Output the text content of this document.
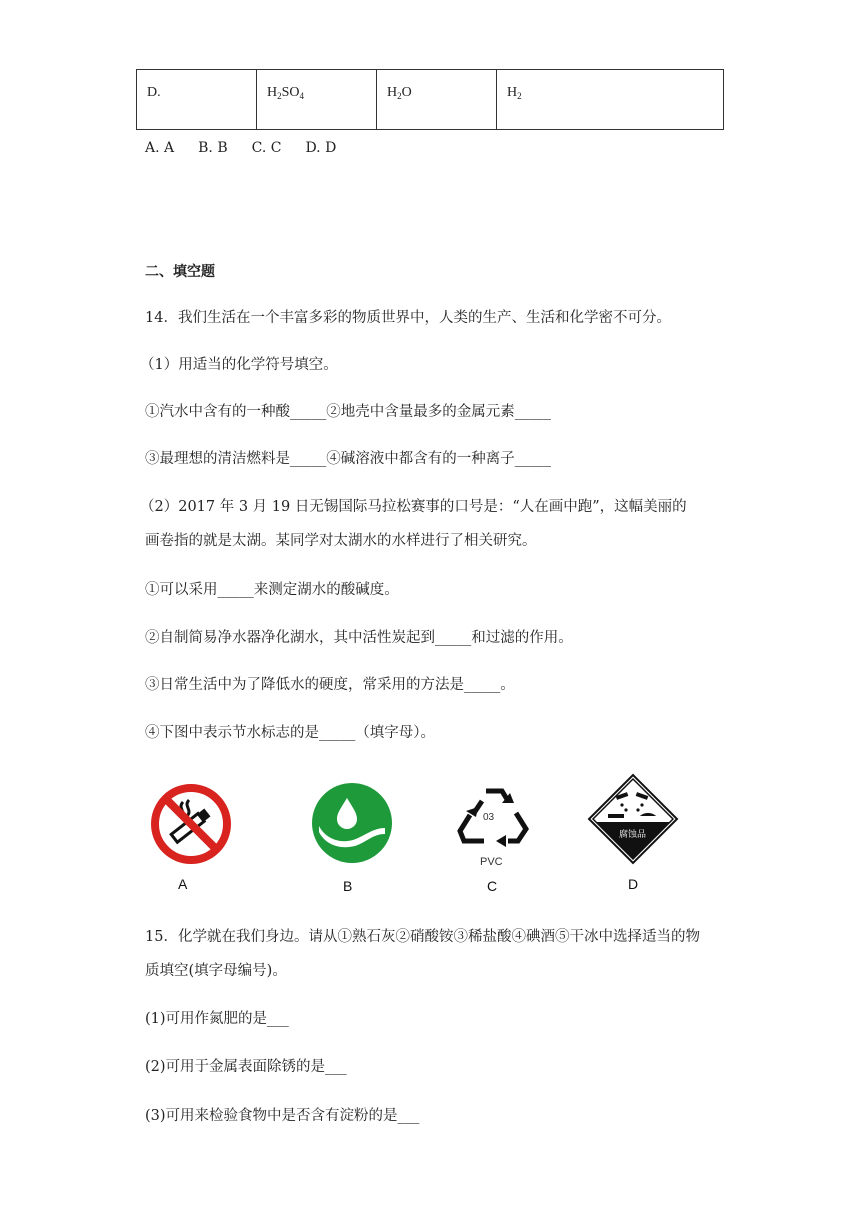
D.	$H_2SO_4$	$H_2O$	$H_2$
A. A B. B C. C D. D
二、填空题
14．我们生活在一个丰富多彩的物质世界中，人类的生产、生活和化学密不可分。
（1）用适当的化学符号填空。
①汽水中含有的一种酸_____②地壳中含量最多的金属元素_____
③最理想的清洁燃料是_____④碱溶液中都含有的一种离子_____
（2）2017 年 3 月 19 日无锡国际马拉松赛事的口号是：“人在画中跑”，这幅美丽的
画卷指的就是太湖。某同学对太湖水的水样进行了相关研究。
①可以采用_____来测定湖水的酸碱度。
②自制简易净水器净化湖水，其中活性炭起到_____和过滤的作用。
③日常生活中为了降低水的硬度，常采用的方法是_____。
④下图中表示节水标志的是_____（填字母）。
A	B
03
PVC
C
腐蚀品
D
15．化学就在我们身边。请从①熟石灰②硝酸铵③稀盐酸④碘酒⑤干冰中选择适当的物
质填空(填字母编号)。
(1)可用作氮肥的是___
(2)可用于金属表面除锈的是___
(3)可用来检验食物中是否含有淀粉的是___
